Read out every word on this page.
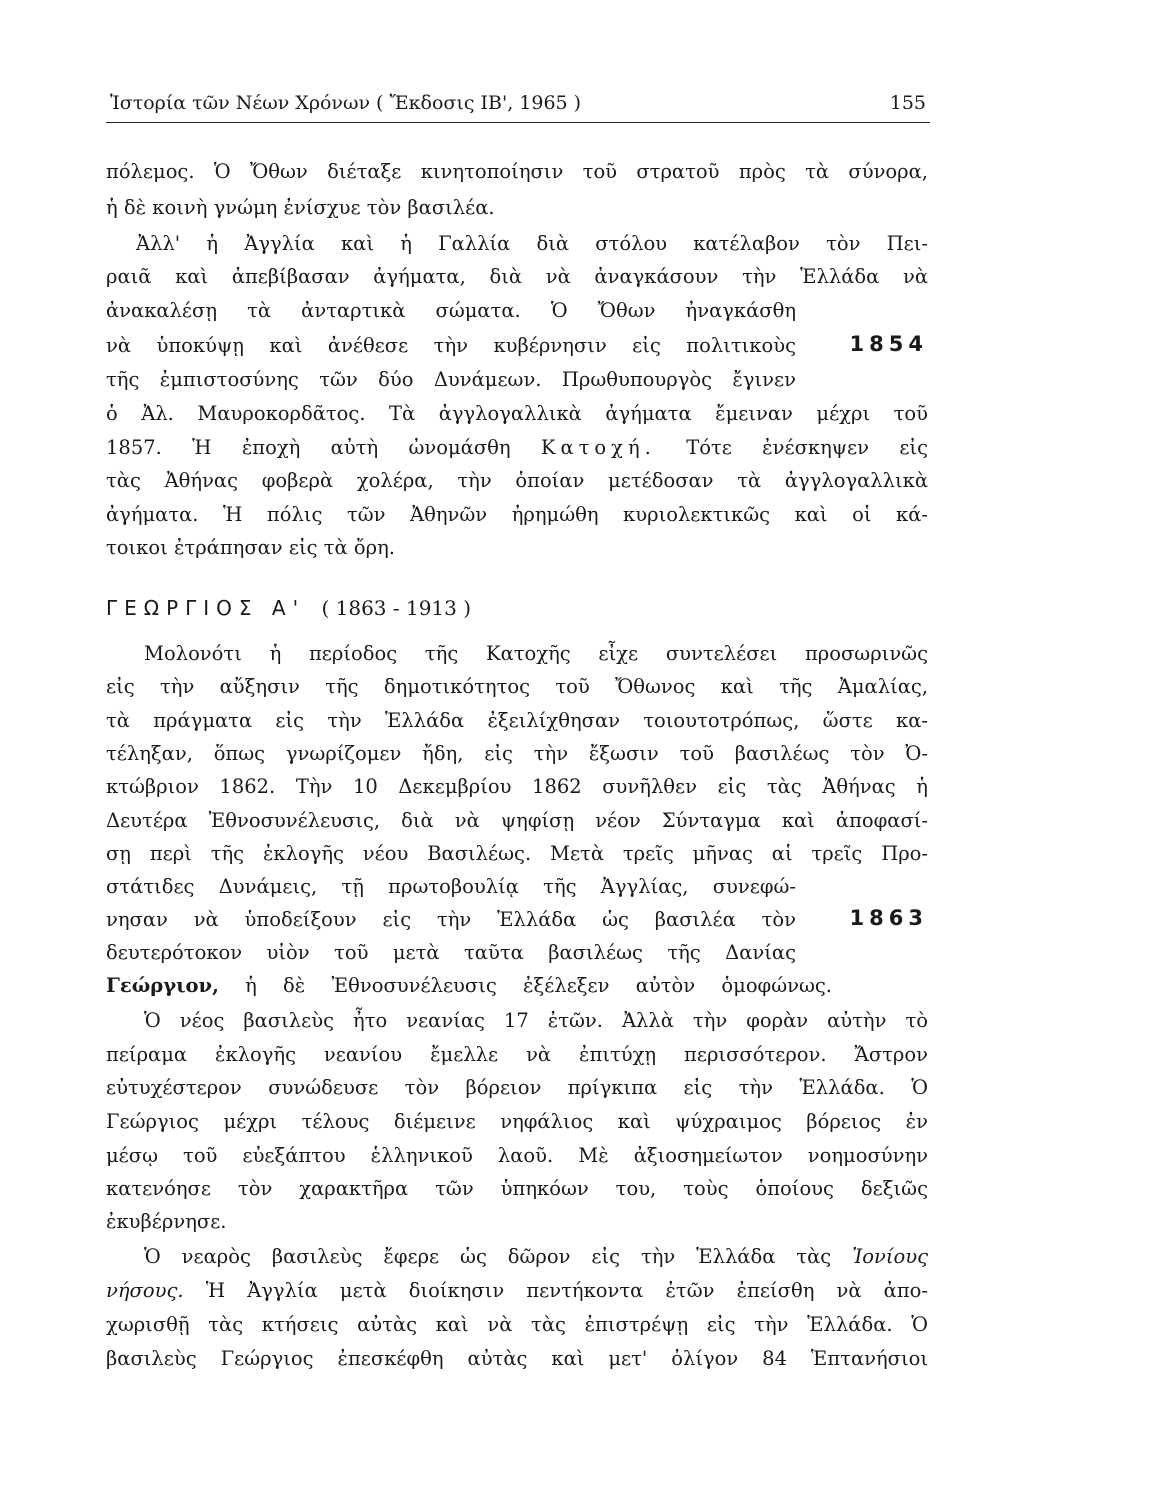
Ἱστορία τῶν Νέων Χρόνων ( Ἔκδοσις ΙΒ', 1965 )	155
πόλεμος. Ὁ Ὄθων διέταξε κινητοποίησιν τοῦ στρατοῦ πρὸς τὰ σύνορα,
ἡ δὲ κοινὴ γνώμη ἐνίσχυε τὸν βασιλέα.
Ἀλλ' ἡ Ἀγγλία καὶ ἡ Γαλλία διὰ στόλου κατέλαβον τὸν Πει-
ραιᾶ καὶ ἀπεβίβασαν ἀγήματα, διὰ νὰ ἀναγκάσουν τὴν Ἑλλάδα νὰ
ἀνακαλέσῃ τὰ ἀνταρτικὰ σώματα. Ὁ Ὄθων ἠναγκάσθη
νὰ ὑποκύψῃ καὶ ἀνέθεσε τὴν κυβέρνησιν εἰς πολιτικοὺς	1854
τῆς ἐμπιστοσύνης τῶν δύο Δυνάμεων. Πρωθυπουργὸς ἔγινεν
ὁ Ἀλ. Μαυροκορδᾶτος. Τὰ ἀγγλογαλλικὰ ἀγήματα ἔμειναν μέχρι τοῦ
1857. Ἡ ἐποχὴ αὐτὴ ὠνομάσθη Κατοχή. Τότε ἐνέσκηψεν εἰς
τὰς Ἀθήνας φοβερὰ χολέρα, τὴν ὁποίαν μετέδοσαν τὰ ἀγγλογαλλικὰ
ἀγήματα. Ἡ πόλις τῶν Ἀθηνῶν ἠρημώθη κυριολεκτικῶς καὶ οἱ κά-
τοικοι ἐτράπησαν εἰς τὰ ὄρη.
ΓΕΩΡΓΙΟΣ Α' ( 1863 - 1913 )
Μολονότι ἡ περίοδος τῆς Κατοχῆς εἶχε συντελέσει προσωρινῶς
εἰς τὴν αὔξησιν τῆς δημοτικότητος τοῦ Ὄθωνος καὶ τῆς Ἀμαλίας,
τὰ πράγματα εἰς τὴν Ἑλλάδα ἐξειλίχθησαν τοιουτοτρόπως, ὥστε κα-
τέληξαν, ὅπως γνωρίζομεν ἤδη, εἰς τὴν ἔξωσιν τοῦ βασιλέως τὸν Ὀ-
κτώβριον 1862. Τὴν 10 Δεκεμβρίου 1862 συνῆλθεν εἰς τὰς Ἀθήνας ἡ
Δευτέρα Ἐθνοσυνέλευσις, διὰ νὰ ψηφίσῃ νέον Σύνταγμα καὶ ἀποφασί-
σῃ περὶ τῆς ἐκλογῆς νέου Βασιλέως. Μετὰ τρεῖς μῆνας αἱ τρεῖς Προ-
στάτιδες Δυνάμεις, τῇ πρωτοβουλίᾳ τῆς Ἀγγλίας, συνεφώ-
νησαν νὰ ὑποδείξουν εἰς τὴν Ἑλλάδα ὡς βασιλέα τὸν	1863
δευτερότοκον υἱὸν τοῦ μετὰ ταῦτα βασιλέως τῆς Δανίας
Γεώργιον, ἡ δὲ Ἐθνοσυνέλευσις ἐξέλεξεν αὐτὸν ὁμοφώνως.
Ὁ νέος βασιλεὺς ἦτο νεανίας 17 ἐτῶν. Ἀλλὰ τὴν φορὰν αὐτὴν τὸ
πείραμα ἐκλογῆς νεανίου ἔμελλε νὰ ἐπιτύχῃ περισσότερον. Ἄστρον
εὐτυχέστερον συνώδευσε τὸν βόρειον πρίγκιπα εἰς τὴν Ἑλλάδα. Ὁ
Γεώργιος μέχρι τέλους διέμεινε νηφάλιος καὶ ψύχραιμος βόρειος ἐν
μέσῳ τοῦ εὐεξάπτου ἑλληνικοῦ λαοῦ. Μὲ ἀξιοσημείωτον νοημοσύνην
κατενόησε τὸν χαρακτῆρα τῶν ὑπηκόων του, τοὺς ὁποίους δεξιῶς
ἐκυβέρνησε.
Ὁ νεαρὸς βασιλεὺς ἔφερε ὡς δῶρον εἰς τὴν Ἑλλάδα τὰς Ἰονίους
νήσους. Ἡ Ἀγγλία μετὰ διοίκησιν πεντήκοντα ἐτῶν ἐπείσθη νὰ ἀπο-
χωρισθῇ τὰς κτήσεις αὐτὰς καὶ νὰ τὰς ἐπιστρέψῃ εἰς τὴν Ἑλλάδα. Ὁ
βασιλεὺς Γεώργιος ἐπεσκέφθη αὐτὰς καὶ μετ' ὀλίγον 84 Ἑπτανήσιοι
